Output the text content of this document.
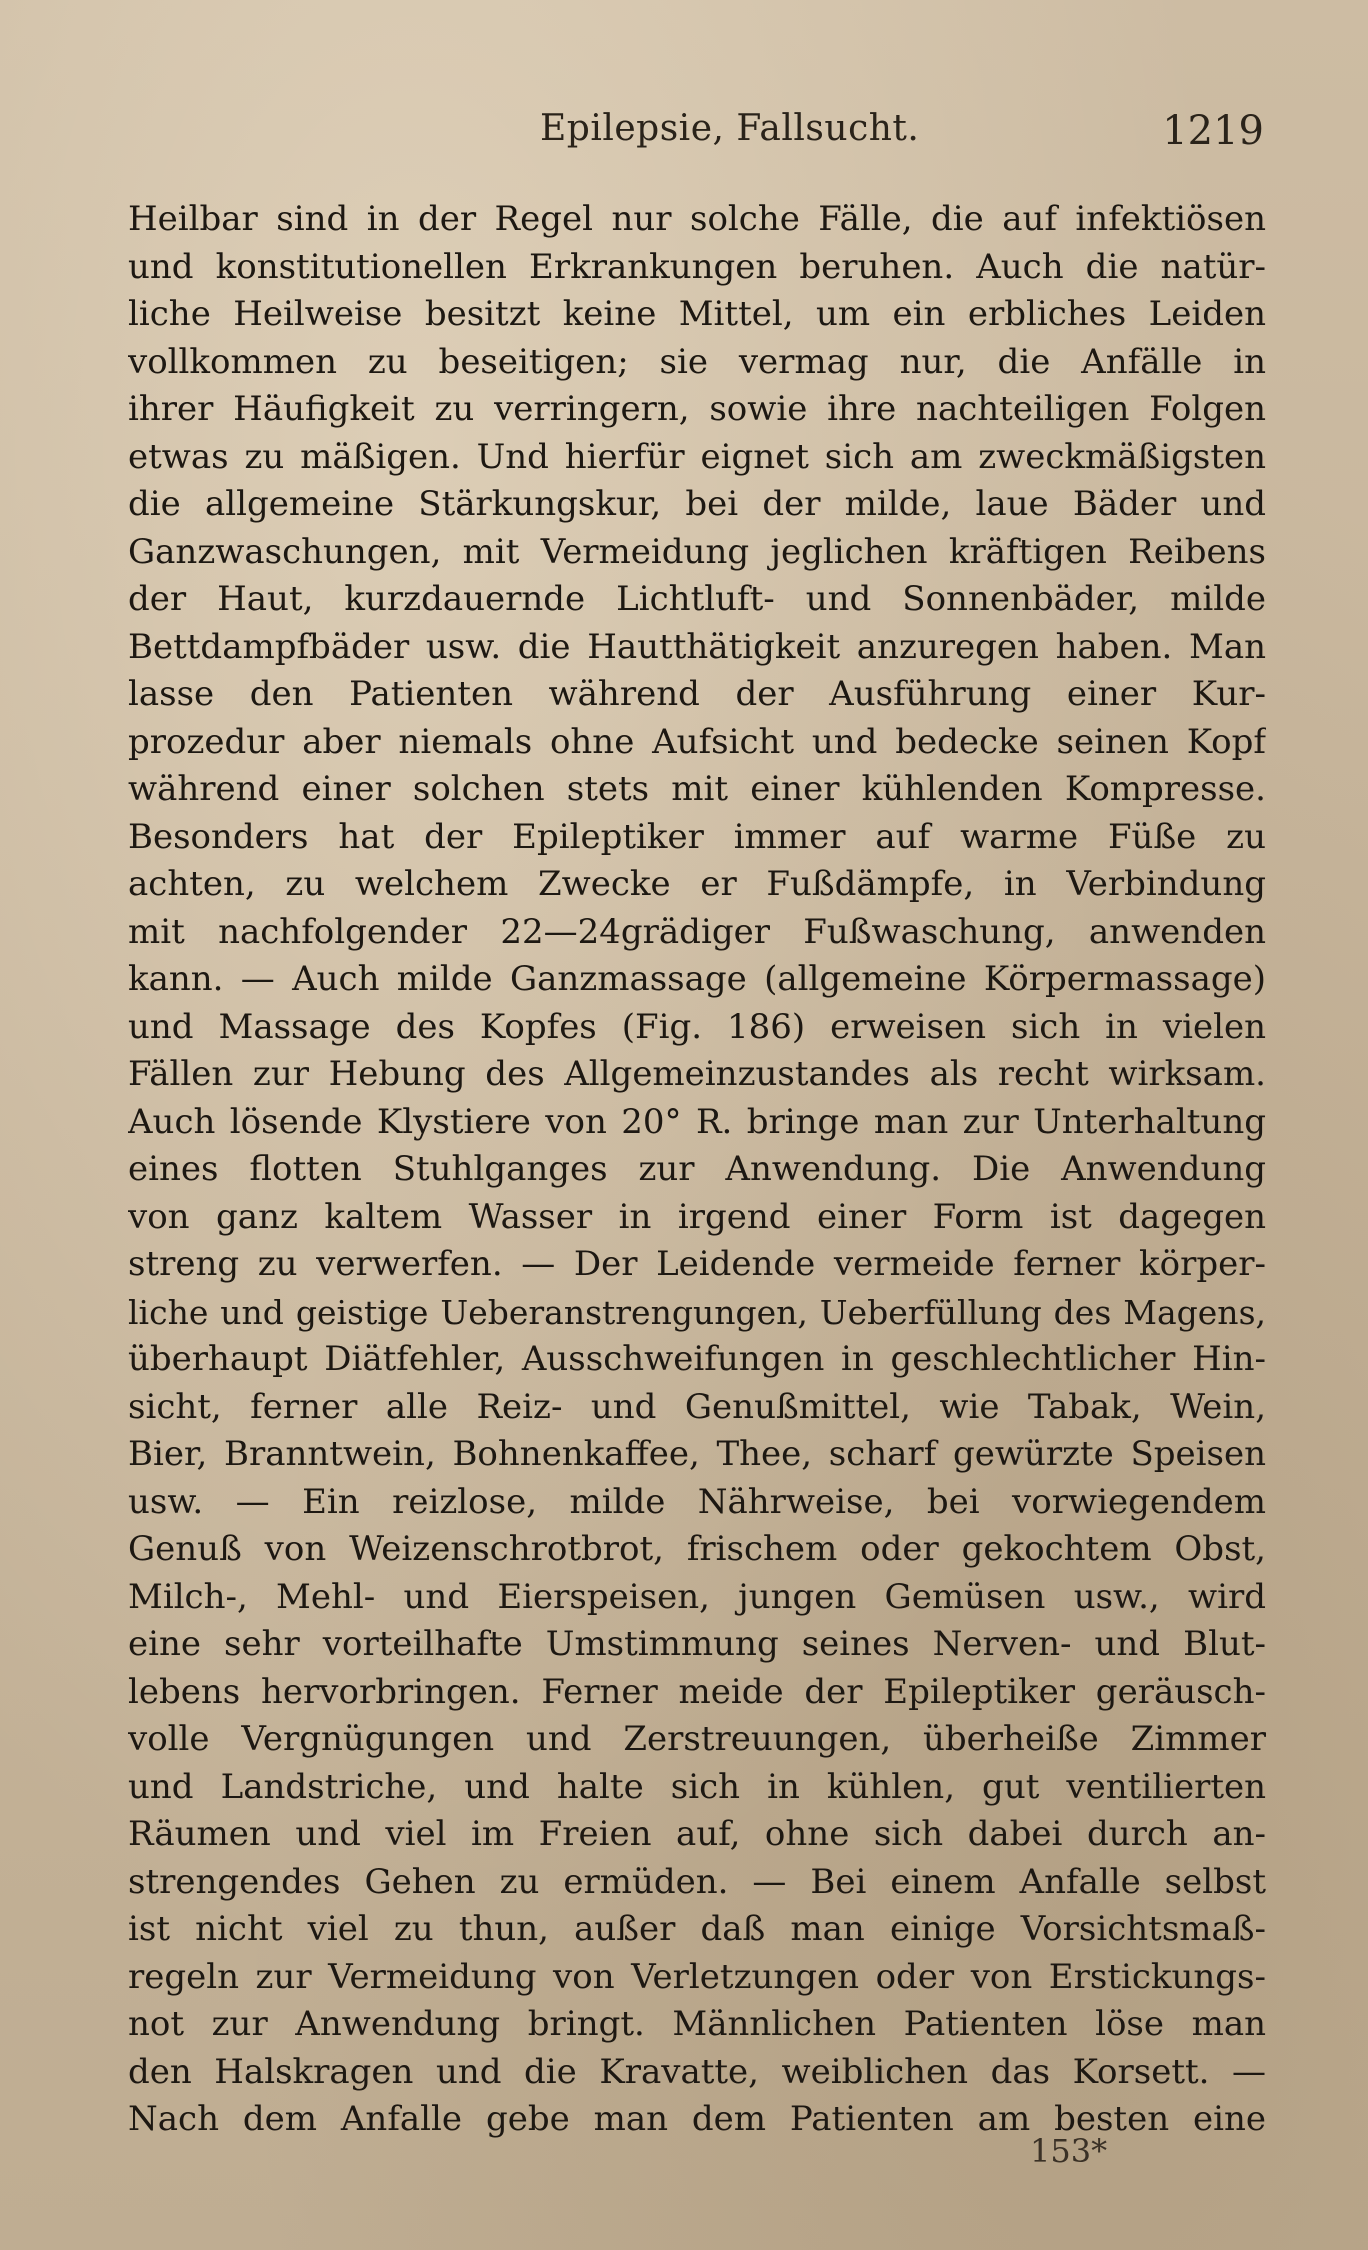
Epilepsie, Fallsucht.	1219
Heilbar sind in der Regel nur solche Fälle, die auf infektiösen
und konstitutionellen Erkrankungen beruhen. Auch die natür-
liche Heilweise besitzt keine Mittel, um ein erbliches Leiden
vollkommen zu beseitigen; sie vermag nur, die Anfälle in
ihrer Häufigkeit zu verringern, sowie ihre nachteiligen Folgen
etwas zu mäßigen. Und hierfür eignet sich am zweckmäßigsten
die allgemeine Stärkungskur, bei der milde, laue Bäder und
Ganzwaschungen, mit Vermeidung jeglichen kräftigen Reibens
der Haut, kurzdauernde Lichtluft- und Sonnenbäder, milde
Bettdampfbäder usw. die Hautthätigkeit anzuregen haben. Man
lasse den Patienten während der Ausführung einer Kur-
prozedur aber niemals ohne Aufsicht und bedecke seinen Kopf
während einer solchen stets mit einer kühlenden Kompresse.
Besonders hat der Epileptiker immer auf warme Füße zu
achten, zu welchem Zwecke er Fußdämpfe, in Verbindung
mit nachfolgender 22—24grädiger Fußwaschung, anwenden
kann. — Auch milde Ganzmassage (allgemeine Körpermassage)
und Massage des Kopfes (Fig. 186) erweisen sich in vielen
Fällen zur Hebung des Allgemeinzustandes als recht wirksam.
Auch lösende Klystiere von 20° R. bringe man zur Unterhaltung
eines flotten Stuhlganges zur Anwendung. Die Anwendung
von ganz kaltem Wasser in irgend einer Form ist dagegen
streng zu verwerfen. — Der Leidende vermeide ferner körper-
liche und geistige Ueberanstrengungen, Ueberfüllung des Magens,
überhaupt Diätfehler, Ausschweifungen in geschlechtlicher Hin-
sicht, ferner alle Reiz- und Genußmittel, wie Tabak, Wein,
Bier, Branntwein, Bohnenkaffee, Thee, scharf gewürzte Speisen
usw. — Ein reizlose, milde Nährweise, bei vorwiegendem
Genuß von Weizenschrotbrot, frischem oder gekochtem Obst,
Milch-, Mehl- und Eierspeisen, jungen Gemüsen usw., wird
eine sehr vorteilhafte Umstimmung seines Nerven- und Blut-
lebens hervorbringen. Ferner meide der Epileptiker geräusch-
volle Vergnügungen und Zerstreuungen, überheiße Zimmer
und Landstriche, und halte sich in kühlen, gut ventilierten
Räumen und viel im Freien auf, ohne sich dabei durch an-
strengendes Gehen zu ermüden. — Bei einem Anfalle selbst
ist nicht viel zu thun, außer daß man einige Vorsichtsmaß-
regeln zur Vermeidung von Verletzungen oder von Erstickungs-
not zur Anwendung bringt. Männlichen Patienten löse man
den Halskragen und die Kravatte, weiblichen das Korsett. —
Nach dem Anfalle gebe man dem Patienten am besten eine
153*
